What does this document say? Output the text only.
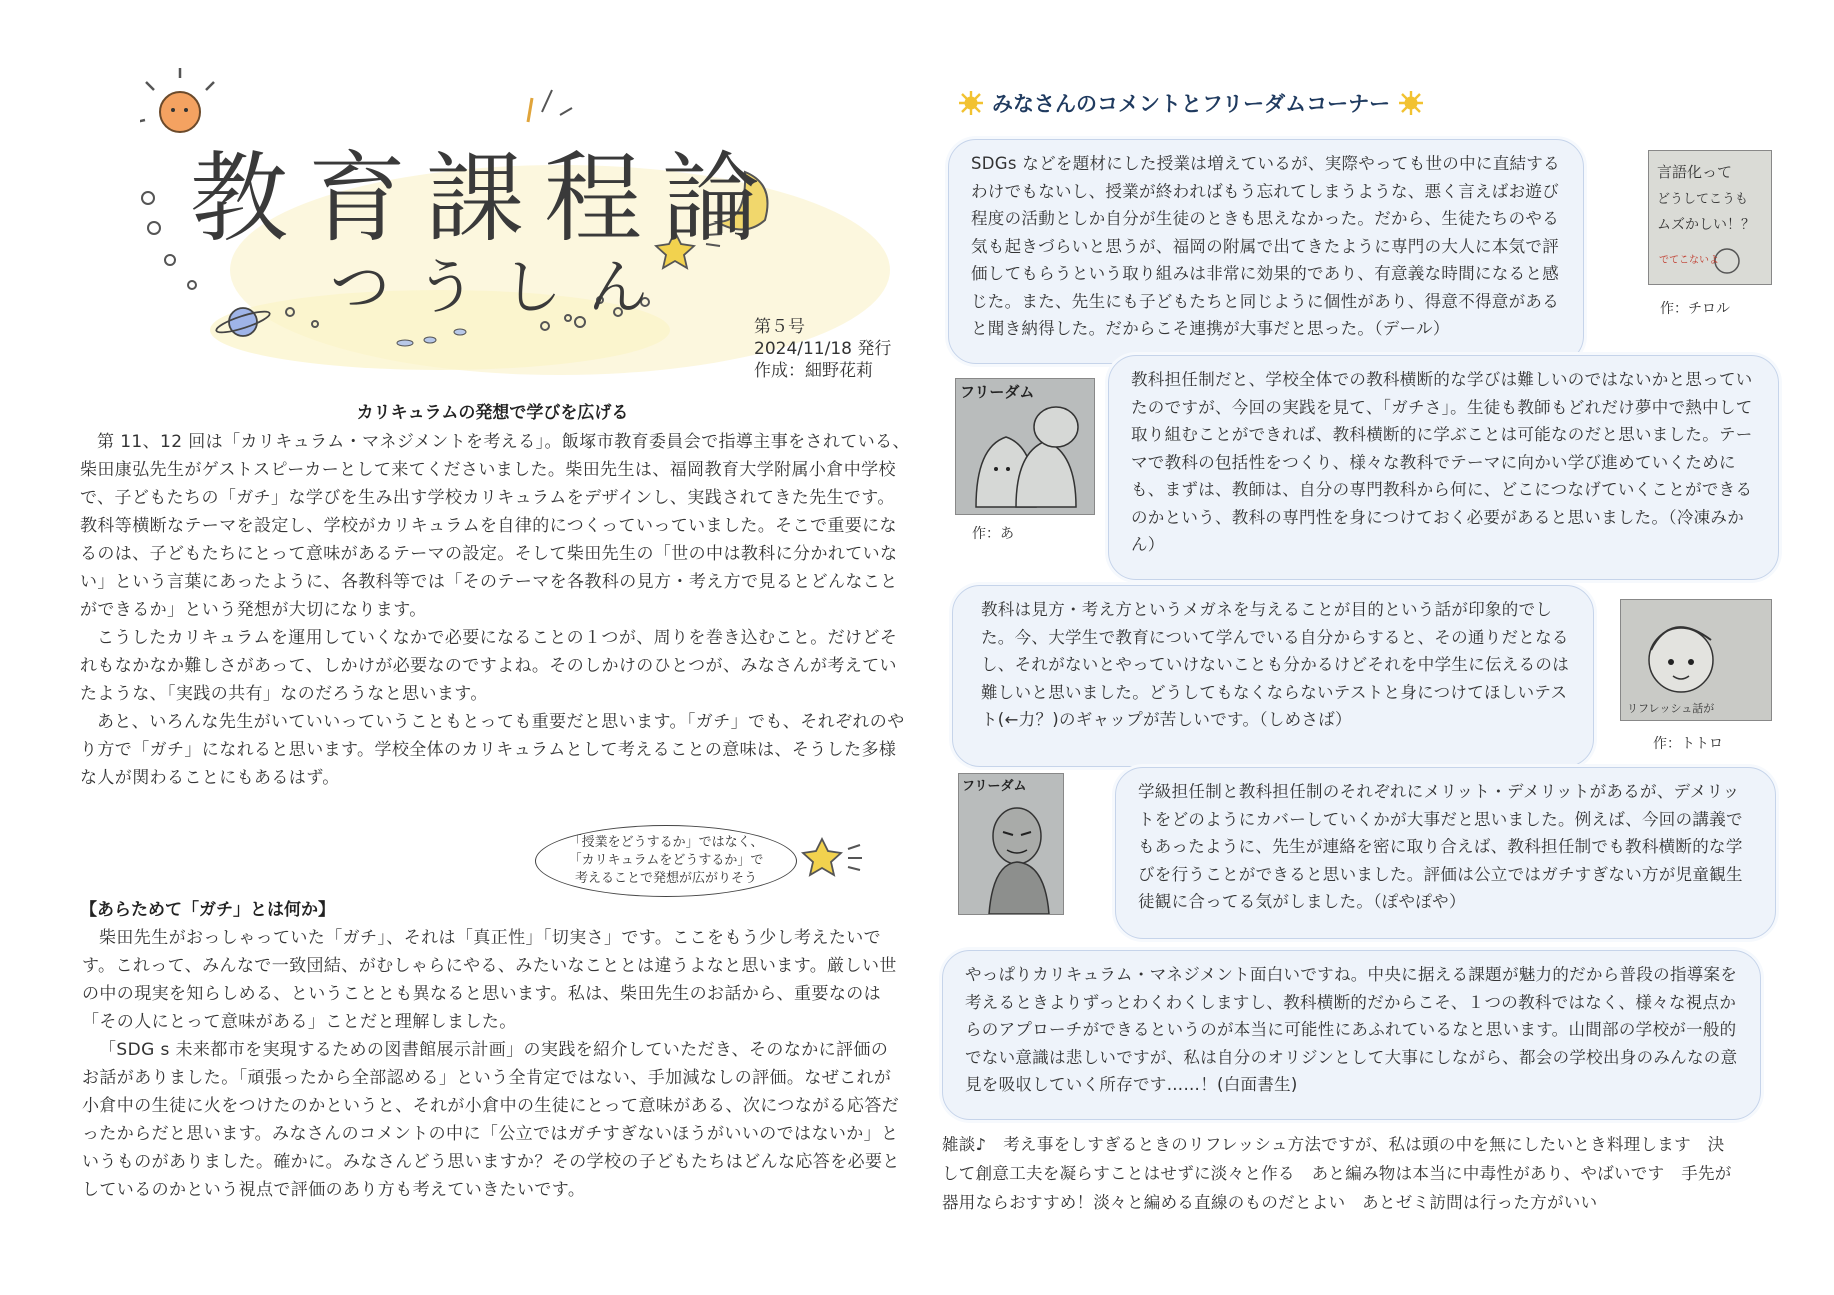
教育課程論
つうしん
第５号
2024/11/18 発行
作成：細野花莉
カリキュラムの発想で学びを広げる

第 11、12 回は「カリキュラム・マネジメントを考える」。飯塚市教育委員会で指導主事をされている、柴田康弘先生がゲストスピーカーとして来てくださいました。柴田先生は、福岡教育大学附属小倉中学校で、子どもたちの「ガチ」な学びを生み出す学校カリキュラムをデザインし、実践されてきた先生です。教科等横断なテーマを設定し、学校がカリキュラムを自律的につくっていっていました。そこで重要になるのは、子どもたちにとって意味があるテーマの設定。そして柴田先生の「世の中は教科に分かれていない」という言葉にあったように、各教科等では「そのテーマを各教科の見方・考え方で見るとどんなことができるか」という発想が大切になります。

こうしたカリキュラムを運用していくなかで必要になることの１つが、周りを巻き込むこと。だけどそれもなかなか難しさがあって、しかけが必要なのですよね。そのしかけのひとつが、みなさんが考えていたような、「実践の共有」なのだろうなと思います。

あと、いろんな先生がいていいっていうこともとっても重要だと思います。「ガチ」でも、それぞれのやり方で「ガチ」になれると思います。学校全体のカリキュラムとして考えることの意味は、そうした多様な人が関わることにもあるはず。

「授業をどうするか」ではなく、
「カリキュラムをどうするか」で
考えることで発想が広がりそう
【あらためて「ガチ」とは何か】

柴田先生がおっしゃっていた「ガチ」、それは「真正性」「切実さ」です。ここをもう少し考えたいです。これって、みんなで一致団結、がむしゃらにやる、みたいなこととは違うよなと思います。厳しい世の中の現実を知らしめる、ということとも異なると思います。私は、柴田先生のお話から、重要なのは「その人にとって意味がある」ことだと理解しました。

「SDG s 未来都市を実現するための図書館展示計画」の実践を紹介していただき、そのなかに評価のお話がありました。「頑張ったから全部認める」という全肯定ではない、手加減なしの評価。なぜこれが小倉中の生徒に火をつけたのかというと、それが小倉中の生徒にとって意味がある、次につながる応答だったからだと思います。みなさんのコメントの中に「公立ではガチすぎないほうがいいのではないか」というものがありました。確かに。みなさんどう思いますか？その学校の子どもたちはどんな応答を必要としているのかという視点で評価のあり方も考えていきたいです。

みなさんのコメントとフリーダムコーナー
SDGs などを題材にした授業は増えているが、実際やっても世の中に直結するわけでもないし、授業が終わればもう忘れてしまうような、悪く言えばお遊び程度の活動としか自分が生徒のときも思えなかった。だから、生徒たちのやる気も起きづらいと思うが、福岡の附属で出てきたように専門の大人に本気で評価してもらうという取り組みは非常に効果的であり、有意義な時間になると感じた。また、先生にも子どもたちと同じように個性があり、得意不得意があると聞き納得した。だからこそ連携が大事だと思った。（デール）
言語化って
どうしてこうも
ムズかしい！？
でてこないよ
作：チロル
フリーダム
作：あ
教科担任制だと、学校全体での教科横断的な学びは難しいのではないかと思っていたのですが、今回の実践を見て、「ガチさ」。生徒も教師もどれだけ夢中で熱中して取り組むことができれば、教科横断的に学ぶことは可能なのだと思いました。テーマで教科の包括性をつくり、様々な教科でテーマに向かい学び進めていくためにも、まずは、教師は、自分の専門教科から何に、どこにつなげていくことができるのかという、教科の専門性を身につけておく必要があると思いました。（冷凍みかん）
教科は見方・考え方というメガネを与えることが目的という話が印象的でした。今、大学生で教育について学んでいる自分からすると、その通りだとなるし、それがないとやっていけないことも分かるけどそれを中学生に伝えるのは難しいと思いました。どうしてもなくならないテストと身につけてほしいテスト(←力？)のギャップが苦しいです。（しめさば）
リフレッシュ話が
作：トトロ
フリーダム	学級担任制と教科担任制のそれぞれにメリット・デメリットがあるが、デメリットをどのようにカバーしていくかが大事だと思いました。例えば、今回の講義でもあったように、先生が連絡を密に取り合えば、教科担任制でも教科横断的な学びを行うことができると思いました。評価は公立ではガチすぎない方が児童観生徒観に合ってる気がしました。（ぽやぽや）
やっぱりカリキュラム・マネジメント面白いですね。中央に据える課題が魅力的だから普段の指導案を考えるときよりずっとわくわくしますし、教科横断的だからこそ、１つの教科ではなく、様々な視点からのアプローチができるというのが本当に可能性にあふれているなと思います。山間部の学校が一般的でない意識は悲しいですが、私は自分のオリジンとして大事にしながら、都会の学校出身のみんなの意見を吸収していく所存です……！(白面書生)

雑談♪　考え事をしすぎるときのリフレッシュ方法ですが、私は頭の中を無にしたいとき料理します　決

して創意工夫を凝らすことはせずに淡々と作る　あと編み物は本当に中毒性があり、やばいです　手先が

器用ならおすすめ！淡々と編める直線のものだとよい　あとゼミ訪問は行った方がいい
